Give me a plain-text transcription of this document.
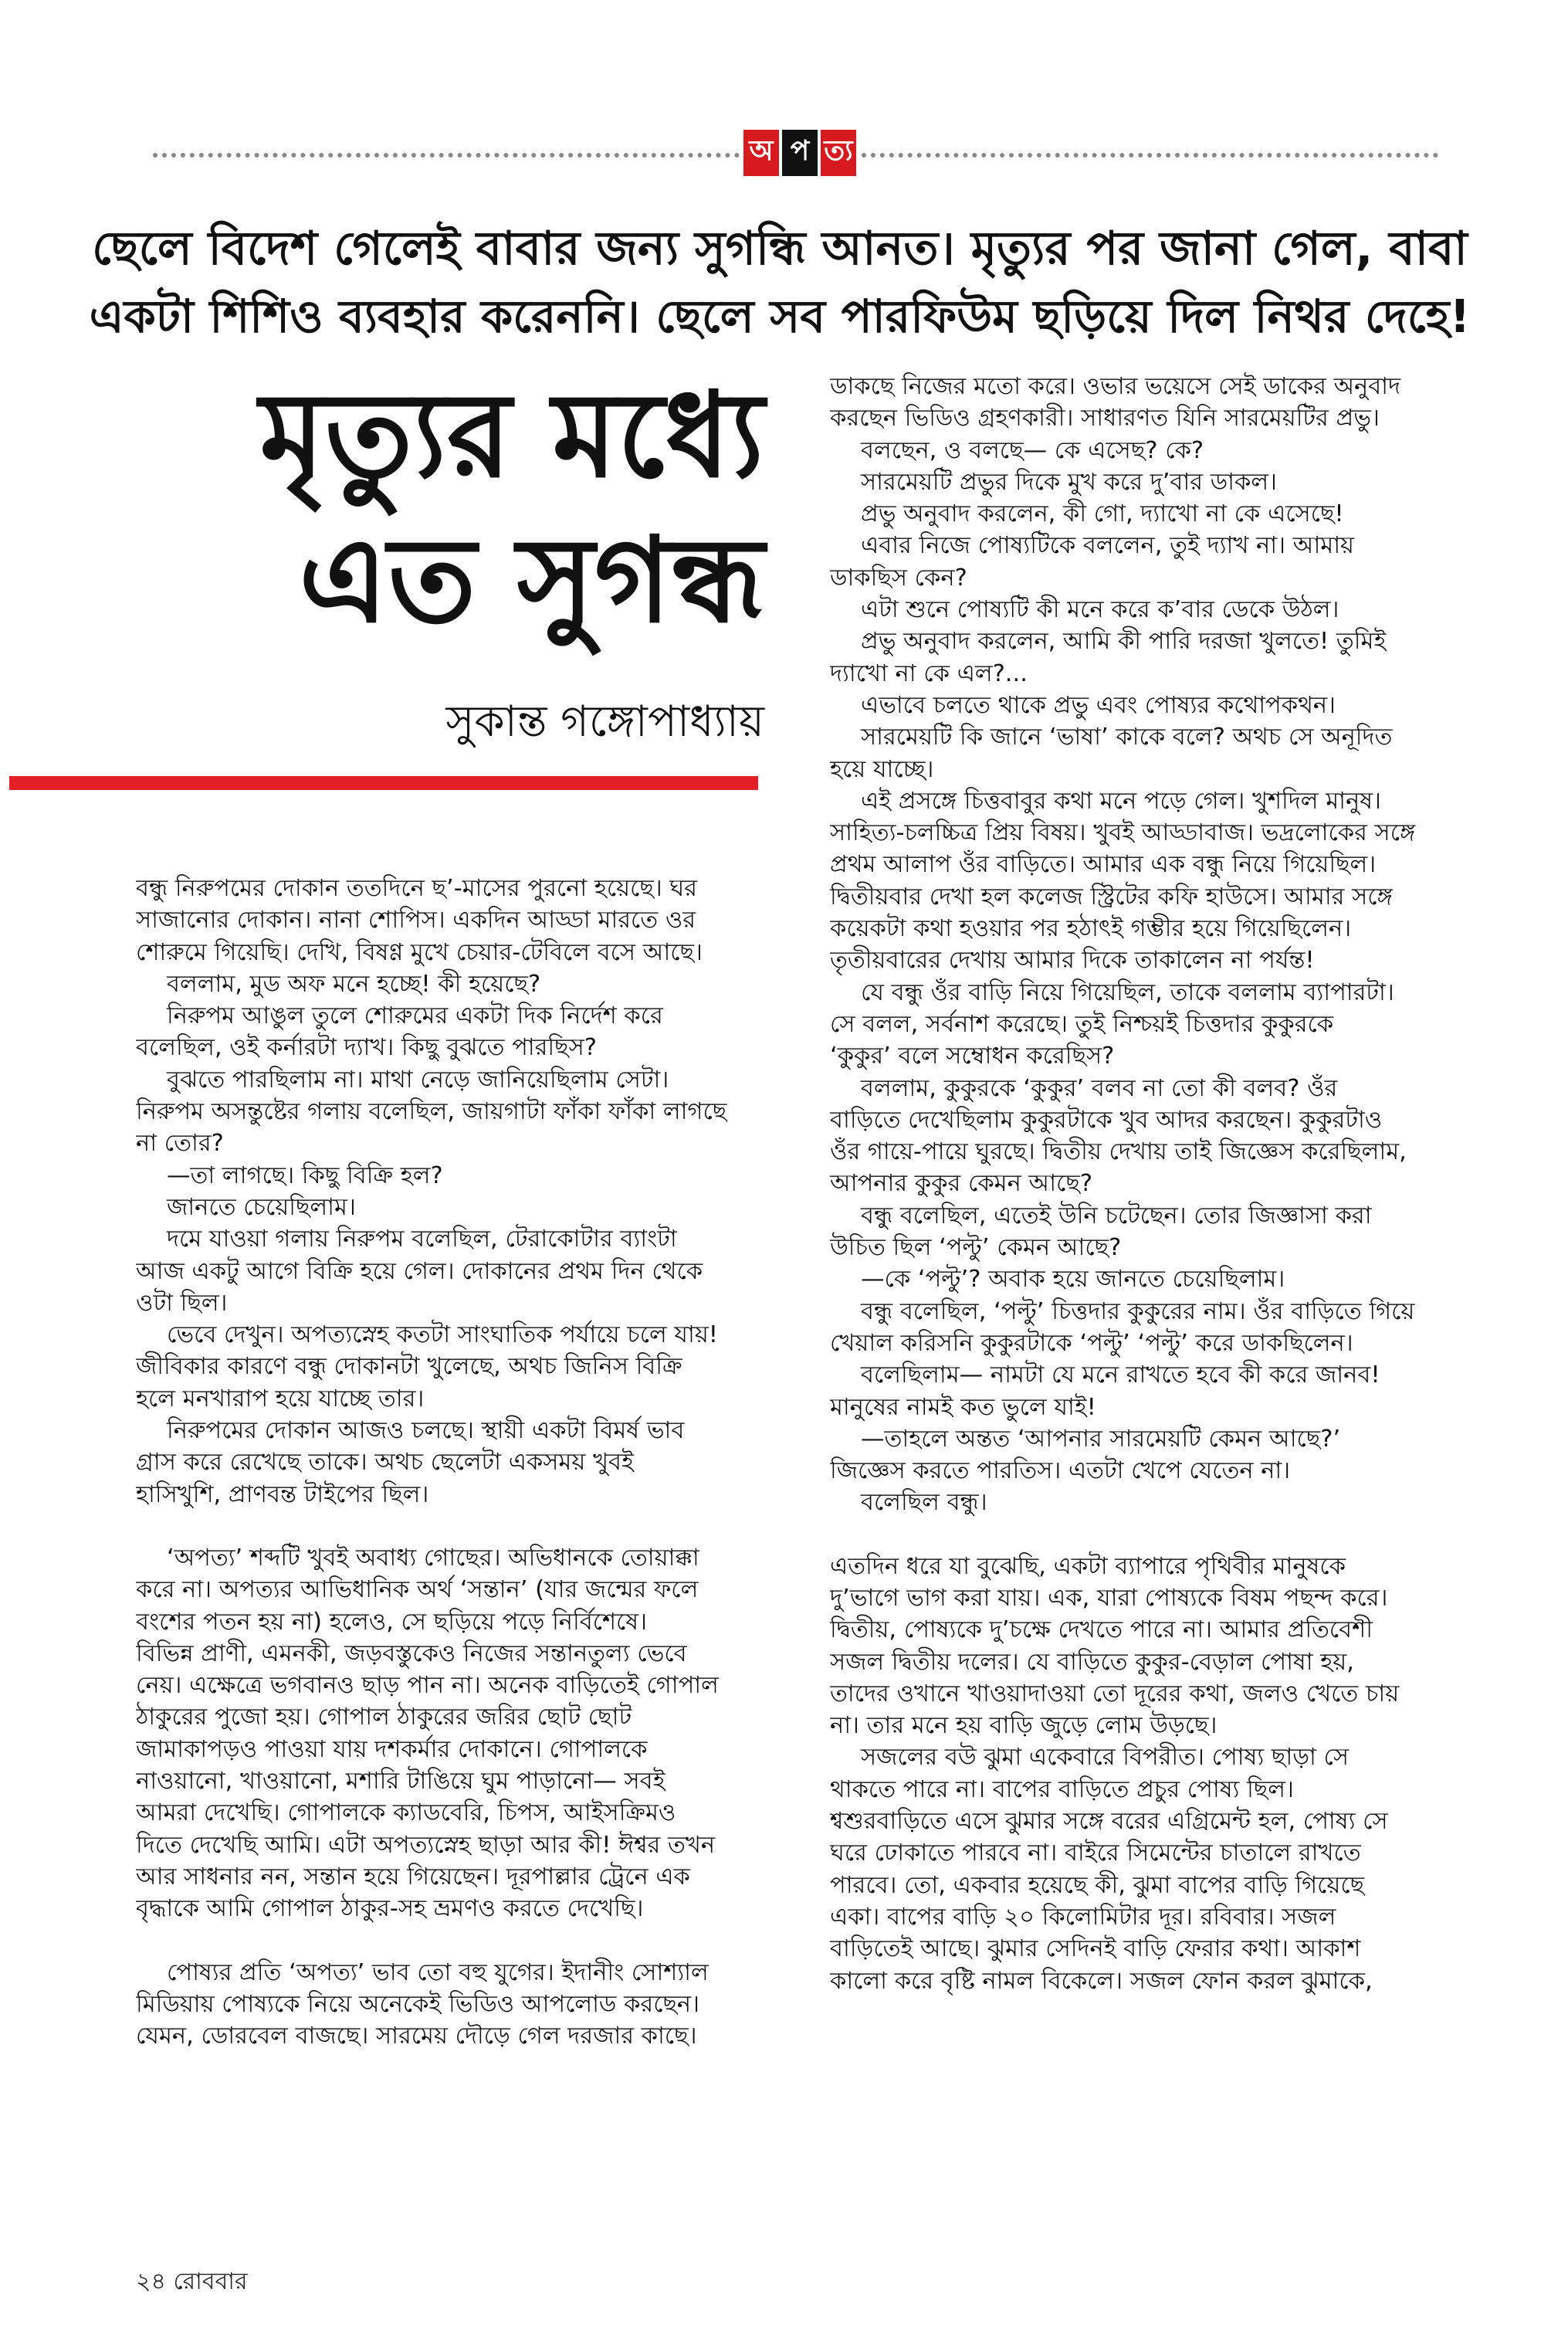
অ প ত্য
ছেলে বিদেশ গেলেই বাবার জন্য সুগন্ধি আনত। মৃত্যুর পর জানা গেল, বাবা
একটা শিশিও ব্যবহার করেননি। ছেলে সব পারফিউম ছড়িয়ে দিল নিথর দেহে!
মৃত্যুর মধ্যে
এত সুগন্ধ
সুকান্ত গঙ্গোপাধ্যায়

বন্ধু নিরুপমের দোকান ততদিনে ছ’-মাসের পুরনো হয়েছে। ঘর

সাজানোর দোকান। নানা শোপিস। একদিন আড্ডা মারতে ওর

শোরুমে গিয়েছি। দেখি, বিষণ্ণ মুখে চেয়ার-টেবিলে বসে আছে।

বললাম, মুড অফ মনে হচ্ছে! কী হয়েছে?

নিরুপম আঙুল তুলে শোরুমের একটা দিক নির্দেশ করে

বলেছিল, ওই কর্নারটা দ্যাখ। কিছু বুঝতে পারছিস?

বুঝতে পারছিলাম না। মাথা নেড়ে জানিয়েছিলাম সেটা।

নিরুপম অসন্তুষ্টের গলায় বলেছিল, জায়গাটা ফাঁকা ফাঁকা লাগছে

না তোর?

—তা লাগছে। কিছু বিক্রি হল?

জানতে চেয়েছিলাম।

দমে যাওয়া গলায় নিরুপম বলেছিল, টেরাকোটার ব্যাংটা

আজ একটু আগে বিক্রি হয়ে গেল। দোকানের প্রথম দিন থেকে

ওটা ছিল।

ভেবে দেখুন। অপত্যস্নেহ কতটা সাংঘাতিক পর্যায়ে চলে যায়!

জীবিকার কারণে বন্ধু দোকানটা খুলেছে, অথচ জিনিস বিক্রি

হলে মনখারাপ হয়ে যাচ্ছে তার।

নিরুপমের দোকান আজও চলছে। স্থায়ী একটা বিমর্ষ ভাব

গ্রাস করে রেখেছে তাকে। অথচ ছেলেটা একসময় খুবই

হাসিখুশি, প্রাণবন্ত টাইপের ছিল।

‘অপত্য’ শব্দটি খুবই অবাধ্য গোছের। অভিধানকে তোয়াক্কা

করে না। অপত্যর আভিধানিক অর্থ ‘সন্তান’ (যার জন্মের ফলে

বংশের পতন হয় না) হলেও, সে ছড়িয়ে পড়ে নির্বিশেষে।

বিভিন্ন প্রাণী, এমনকী, জড়বস্তুকেও নিজের সন্তানতুল্য ভেবে

নেয়। এক্ষেত্রে ভগবানও ছাড় পান না। অনেক বাড়িতেই গোপাল

ঠাকুরের পুজো হয়। গোপাল ঠাকুরের জরির ছোট ছোট

জামাকাপড়ও পাওয়া যায় দশকর্মার দোকানে। গোপালকে

নাওয়ানো, খাওয়ানো, মশারি টাঙিয়ে ঘুম পাড়ানো— সবই

আমরা দেখেছি। গোপালকে ক্যাডবেরি, চিপস, আইসক্রিমও

দিতে দেখেছি আমি। এটা অপত্যস্নেহ ছাড়া আর কী! ঈশ্বর তখন

আর সাধনার নন, সন্তান হয়ে গিয়েছেন। দূরপাল্লার ট্রেনে এক

বৃদ্ধাকে আমি গোপাল ঠাকুর-সহ ভ্রমণও করতে দেখেছি।

পোষ্যর প্রতি ‘অপত্য’ ভাব তো বহু যুগের। ইদানীং সোশ্যাল

মিডিয়ায় পোষ্যকে নিয়ে অনেকেই ভিডিও আপলোড করছেন।

যেমন, ডোরবেল বাজছে। সারমেয় দৌড়ে গেল দরজার কাছে।

ডাকছে নিজের মতো করে। ওভার ভয়েসে সেই ডাকের অনুবাদ

করছেন ভিডিও গ্রহণকারী। সাধারণত যিনি সারমেয়টির প্রভু।

বলছেন, ও বলছে— কে এসেছ? কে?

সারমেয়টি প্রভুর দিকে মুখ করে দু’বার ডাকল।

প্রভু অনুবাদ করলেন, কী গো, দ্যাখো না কে এসেছে!

এবার নিজে পোষ্যটিকে বললেন, তুই দ্যাখ না। আমায়

ডাকছিস কেন?

এটা শুনে পোষ্যটি কী মনে করে ক’বার ডেকে উঠল।

প্রভু অনুবাদ করলেন, আমি কী পারি দরজা খুলতে! তুমিই

দ্যাখো না কে এল?...

এভাবে চলতে থাকে প্রভু এবং পোষ্যর কথোপকথন।

সারমেয়টি কি জানে ‘ভাষা’ কাকে বলে? অথচ সে অনূদিত

হয়ে যাচ্ছে।

এই প্রসঙ্গে চিত্তবাবুর কথা মনে পড়ে গেল। খুশদিল মানুষ।

সাহিত্য-চলচ্চিত্র প্রিয় বিষয়। খুবই আড্ডাবাজ। ভদ্রলোকের সঙ্গে

প্রথম আলাপ ওঁর বাড়িতে। আমার এক বন্ধু নিয়ে গিয়েছিল।

দ্বিতীয়বার দেখা হল কলেজ স্ট্রিটের কফি হাউসে। আমার সঙ্গে

কয়েকটা কথা হওয়ার পর হঠাৎই গম্ভীর হয়ে গিয়েছিলেন।

তৃতীয়বারের দেখায় আমার দিকে তাকালেন না পর্যন্ত!

যে বন্ধু ওঁর বাড়ি নিয়ে গিয়েছিল, তাকে বললাম ব্যাপারটা।

সে বলল, সর্বনাশ করেছে। তুই নিশ্চয়ই চিত্তদার কুকুরকে

‘কুকুর’ বলে সম্বোধন করেছিস?

বললাম, কুকুরকে ‘কুকুর’ বলব না তো কী বলব? ওঁর

বাড়িতে দেখেছিলাম কুকুরটাকে খুব আদর করছেন। কুকুরটাও

ওঁর গায়ে-পায়ে ঘুরছে। দ্বিতীয় দেখায় তাই জিজ্ঞেস করেছিলাম,

আপনার কুকুর কেমন আছে?

বন্ধু বলেছিল, এতেই উনি চটেছেন। তোর জিজ্ঞাসা করা

উচিত ছিল ‘পল্টু’ কেমন আছে?

—কে ‘পল্টু’? অবাক হয়ে জানতে চেয়েছিলাম।

বন্ধু বলেছিল, ‘পল্টু’ চিত্তদার কুকুরের নাম। ওঁর বাড়িতে গিয়ে

খেয়াল করিসনি কুকুরটাকে ‘পল্টু’ ‘পল্টু’ করে ডাকছিলেন।

বলেছিলাম— নামটা যে মনে রাখতে হবে কী করে জানব!

মানুষের নামই কত ভুলে যাই!

—তাহলে অন্তত ‘আপনার সারমেয়টি কেমন আছে?’

জিজ্ঞেস করতে পারতিস। এতটা খেপে যেতেন না।

বলেছিল বন্ধু।

এতদিন ধরে যা বুঝেছি, একটা ব্যাপারে পৃথিবীর মানুষকে

দু’ভাগে ভাগ করা যায়। এক, যারা পোষ্যকে বিষম পছন্দ করে।

দ্বিতীয়, পোষ্যকে দু’চক্ষে দেখতে পারে না। আমার প্রতিবেশী

সজল দ্বিতীয় দলের। যে বাড়িতে কুকুর-বেড়াল পোষা হয়,

তাদের ওখানে খাওয়াদাওয়া তো দূরের কথা, জলও খেতে চায়

না। তার মনে হয় বাড়ি জুড়ে লোম উড়ছে।

সজলের বউ ঝুমা একেবারে বিপরীত। পোষ্য ছাড়া সে

থাকতে পারে না। বাপের বাড়িতে প্রচুর পোষ্য ছিল।

শ্বশুরবাড়িতে এসে ঝুমার সঙ্গে বরের এগ্রিমেন্ট হল, পোষ্য সে

ঘরে ঢোকাতে পারবে না। বাইরে সিমেন্টের চাতালে রাখতে

পারবে। তো, একবার হয়েছে কী, ঝুমা বাপের বাড়ি গিয়েছে

একা। বাপের বাড়ি ২০ কিলোমিটার দূর। রবিবার। সজল

বাড়িতেই আছে। ঝুমার সেদিনই বাড়ি ফেরার কথা। আকাশ

কালো করে বৃষ্টি নামল বিকেলে। সজল ফোন করল ঝুমাকে,

২৪ রোববার
